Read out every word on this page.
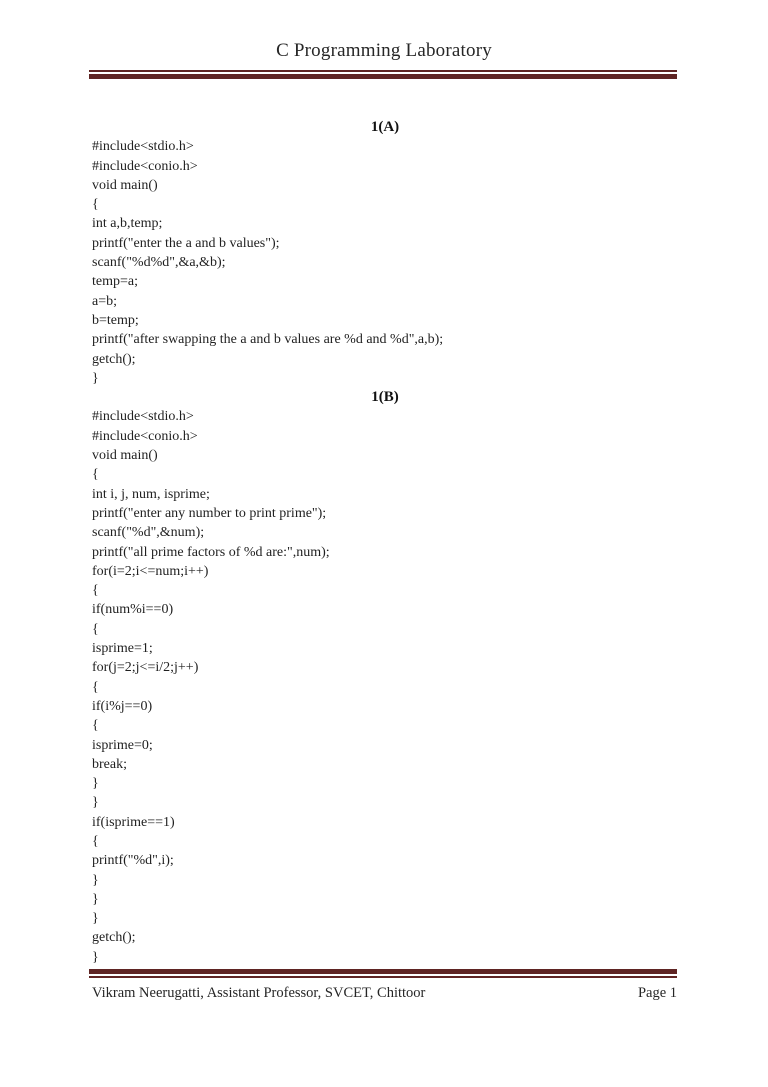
C Programming Laboratory
1(A)
#include<stdio.h>
#include<conio.h>
void main()
{
int a,b,temp;
printf("enter the a and b values");
scanf("%d%d",&a,&b);
temp=a;
a=b;
b=temp;
printf("after swapping the a and b values are %d and %d",a,b);
getch();
}
1(B)
#include<stdio.h>
#include<conio.h>
void main()
{
int i, j, num, isprime;
printf("enter any number to print prime");
scanf("%d",&num);
printf("all prime factors of %d are:",num);
for(i=2;i<=num;i++)
{
if(num%i==0)
{
isprime=1;
for(j=2;j<=i/2;j++)
{
if(i%j==0)
{
isprime=0;
break;
}
}
if(isprime==1)
{
printf("%d",i);
}
}
}
getch();
}
Vikram Neerugatti, Assistant Professor, SVCET, Chittoor	Page 1
